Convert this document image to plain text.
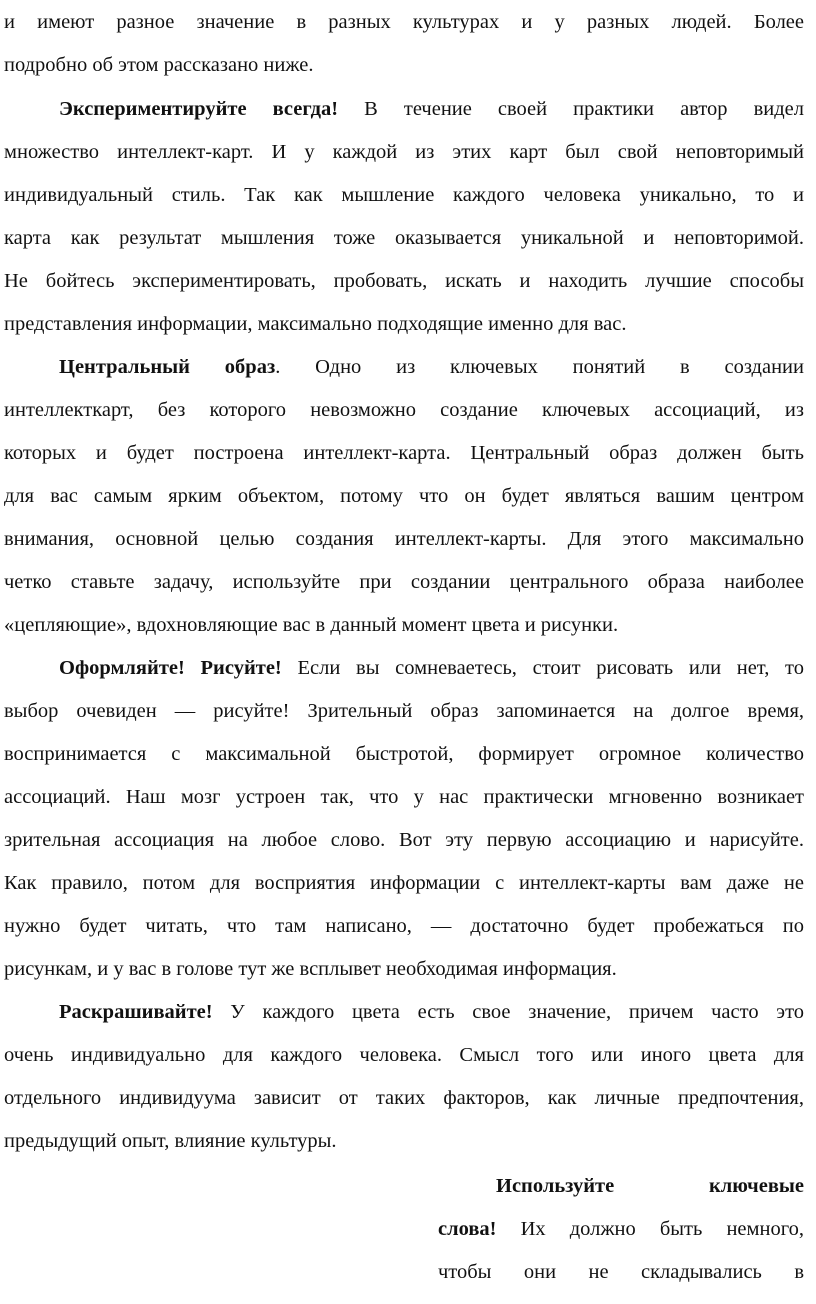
и имеют разное значение в разных культурах и у разных людей. Более
подробно об этом рассказано ниже.
Экспериментируйте всегда! В течение своей практики автор видел
множество интеллект-карт. И у каждой из этих карт был свой неповторимый
индивидуальный стиль. Так как мышление каждого человека уникально, то и
карта как результат мышления тоже оказывается уникальной и неповторимой.
Не бойтесь экспериментировать, пробовать, искать и находить лучшие способы
представления информации, максимально подходящие именно для вас.
Центральный образ. Одно из ключевых понятий в создании
интеллекткарт, без которого невозможно создание ключевых ассоциаций, из
которых и будет построена интеллект-карта. Центральный образ должен быть
для вас самым ярким объектом, потому что он будет являться вашим центром
внимания, основной целью создания интеллект-карты. Для этого максимально
четко ставьте задачу, используйте при создании центрального образа наиболее
«цепляющие», вдохновляющие вас в данный момент цвета и рисунки.
Оформляйте! Рисуйте! Если вы сомневаетесь, стоит рисовать или нет, то
выбор очевиден — рисуйте! Зрительный образ запоминается на долгое время,
воспринимается с максимальной быстротой, формирует огромное количество
ассоциаций. Наш мозг устроен так, что у нас практически мгновенно возникает
зрительная ассоциация на любое слово. Вот эту первую ассоциацию и нарисуйте.
Как правило, потом для восприятия информации с интеллект-карты вам даже не
нужно будет читать, что там написано, — достаточно будет пробежаться по
рисункам, и у вас в голове тут же всплывет необходимая информация.
Раскрашивайте! У каждого цвета есть свое значение, причем часто это
очень индивидуально для каждого человека. Смысл того или иного цвета для
отдельного индивидуума зависит от таких факторов, как личные предпочтения,
предыдущий опыт, влияние культуры.
Используйте ключевые
слова! Их должно быть немного,
чтобы они не складывались в
